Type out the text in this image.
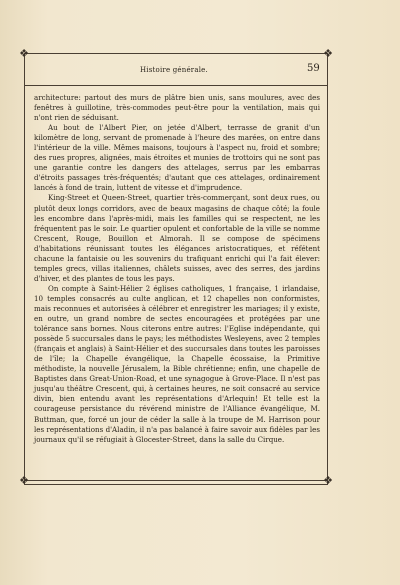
❖	❖
❖	❖
Histoire générale.	59

architecture: partout des murs de plâtre bien unis, sans moulures, avec des fenêtres à guillotine, très-commodes peut-être pour la ventilation, mais qui n'ont rien de séduisant.

Au bout de l'Albert Pier, on jetée d'Albert, terrasse de granit d'un kilomètre de long, servant de promenade à l'heure des marées, on entre dans l'intérieur de la ville. Mêmes maisons, toujours à l'aspect nu, froid et sombre; des rues propres, alignées, mais étroites et munies de trottoirs qui ne sont pas une garantie contre les dangers des attelages, serrus par les embarras d'étroits passages très-fréquentés; d'autant que ces attelages, ordinairement lancés à fond de train, luttent de vitesse et d'imprudence.

King-Street et Queen-Street, quartier très-commerçant, sont deux rues, ou plutôt deux longs corridors, avec de beaux magasins de chaque côté; la foule les encombre dans l'après-midi, mais les familles qui se respectent, ne les fréquentent pas le soir. Le quartier opulent et confortable de la ville se nomme Crescent, Rouge, Bouillon et Almorah. Il se compose de spécimens d'habitations réunissant toutes les élégances aristocratiques, et réfétent chacune la fantaisie ou les souvenirs du trafiquant enrichi qui l'a fait élever: temples grecs, villas italiennes, châlets suisses, avec des serres, des jardins d'hiver, et des plantes de tous les pays.

On compte à Saint-Hélier 2 églises catholiques, 1 française, 1 irlandaise, 10 temples consacrés au culte anglican, et 12 chapelles non conformistes, mais reconnues et autorisées à célébrer et enregistrer les mariages; il y existe, en outre, un grand nombre de sectes encouragées et protégées par une tolérance sans bornes. Nous citerons entre autres: l'Eglise indépendante, qui possède 5 succursales dans le pays; les méthodistes Wesleyens, avec 2 temples (français et anglais) à Saint-Hélier et des succursales dans toutes les paroisses de l'île; la Chapelle évangélique, la Chapelle écossaise, la Primitive méthodiste, la nouvelle Jérusalem, la Bible chrétienne; enfin, une chapelle de Baptistes dans Great-Union-Road, et une synagogue à Grove-Place. Il n'est pas jusqu'au théâtre Crescent, qui, à certaines heures, ne soit consacré au service divin, bien entendu avant les représentations d'Arlequin! Et telle est la courageuse persistance du révérend ministre de l'Alliance évangélique, M. Buttman, que, forcé un jour de céder la salle à la troupe de M. Harrison pour les représentations d'Aladin, il n'a pas balancé à faire savoir aux fidèles par les journaux qu'il se réfugiait à Glocester-Street, dans la salle du Cirque.
